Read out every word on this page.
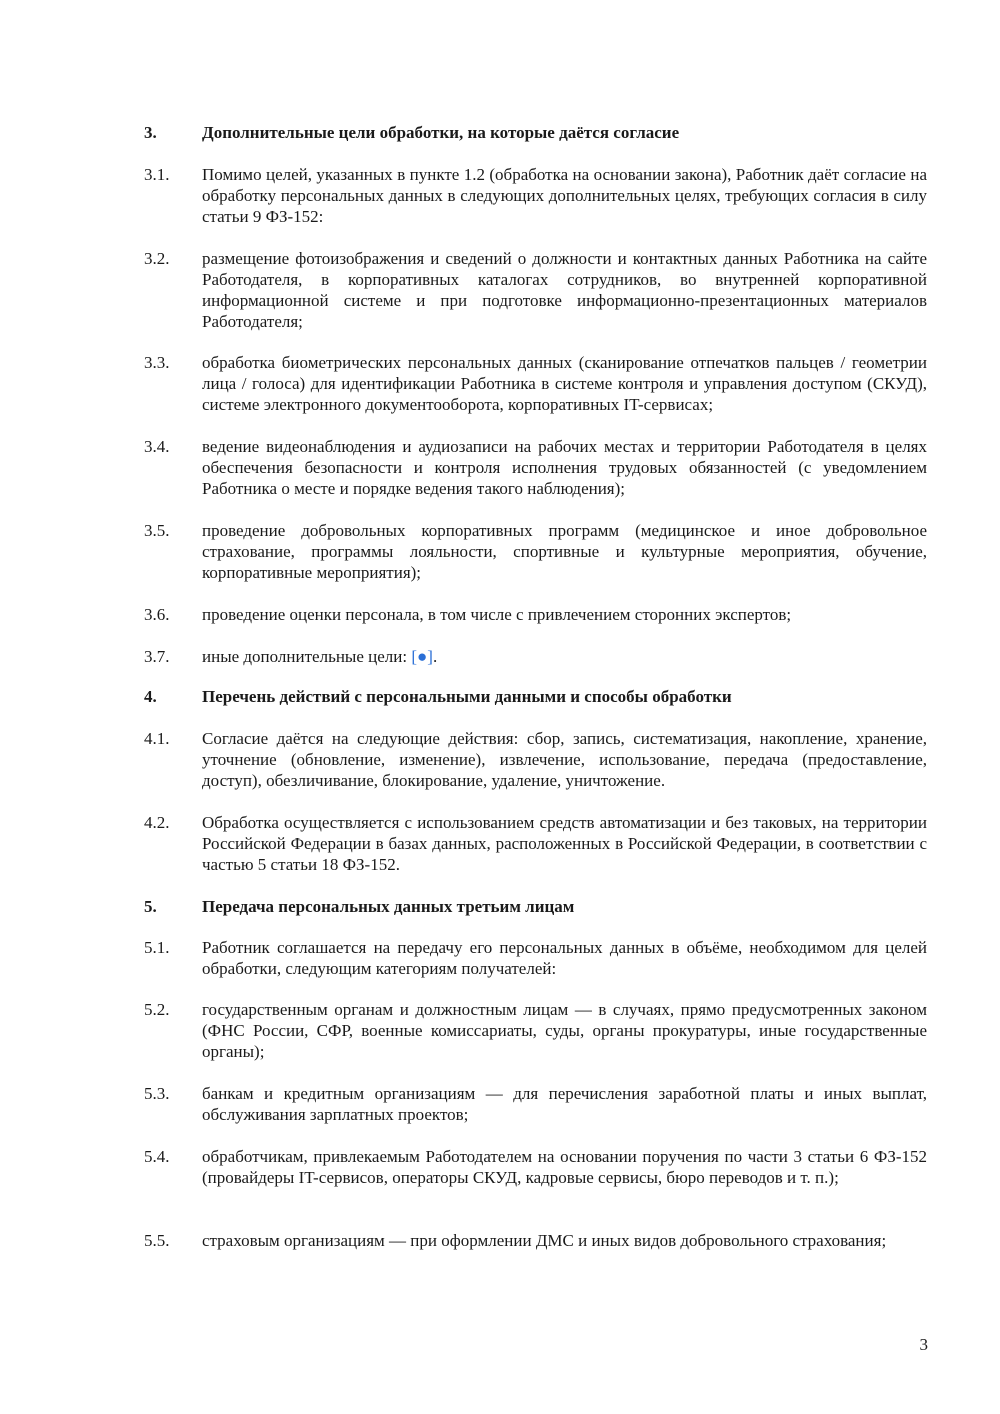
3.	Дополнительные цели обработки, на которые даётся согласие
3.1.	Помимо целей, указанных в пункте 1.2 (обработка на основании закона), Работник даёт согласие на обработку персональных данных в следующих дополнительных целях, требующих согласия в силу статьи 9 ФЗ-152:
3.2.	размещение фотоизображения и сведений о должности и контактных данных Работника на сайте Работодателя, в корпоративных каталогах сотрудников, во внутренней корпоративной информационной системе и при подготовке информационно-презентационных материалов Работодателя;
3.3.	обработка биометрических персональных данных (сканирование отпечатков пальцев / геометрии лица / голоса) для идентификации Работника в системе контроля и управления доступом (СКУД), системе электронного документооборота, корпоративных IT-сервисах;
3.4.	ведение видеонаблюдения и аудиозаписи на рабочих местах и территории Работодателя в целях обеспечения безопасности и контроля исполнения трудовых обязанностей (с уведомлением Работника о месте и порядке ведения такого наблюдения);
3.5.	проведение добровольных корпоративных программ (медицинское и иное добровольное страхование, программы лояльности, спортивные и культурные мероприятия, обучение, корпоративные мероприятия);
3.6.	проведение оценки персонала, в том числе с привлечением сторонних экспертов;
3.7.	иные дополнительные цели: [●].
4.	Перечень действий с персональными данными и способы обработки
4.1.	Согласие даётся на следующие действия: сбор, запись, систематизация, накопление, хранение, уточнение (обновление, изменение), извлечение, использование, передача (предоставление, доступ), обезличивание, блокирование, удаление, уничтожение.
4.2.	Обработка осуществляется с использованием средств автоматизации и без таковых, на территории Российской Федерации в базах данных, расположенных в Российской Федерации, в соответствии с частью 5 статьи 18 ФЗ-152.
5.	Передача персональных данных третьим лицам
5.1.	Работник соглашается на передачу его персональных данных в объёме, необходимом для целей обработки, следующим категориям получателей:
5.2.	государственным органам и должностным лицам — в случаях, прямо предусмотренных законом (ФНС России, СФР, военные комиссариаты, суды, органы прокуратуры, иные государственные органы);
5.3.	банкам и кредитным организациям — для перечисления заработной платы и иных выплат, обслуживания зарплатных проектов;
5.4.	обработчикам, привлекаемым Работодателем на основании поручения по части 3 статьи 6 ФЗ-152 (провайдеры IT-сервисов, операторы СКУД, кадровые сервисы, бюро переводов и т. п.);
5.5.	страховым организациям — при оформлении ДМС и иных видов добровольного страхования;
3
